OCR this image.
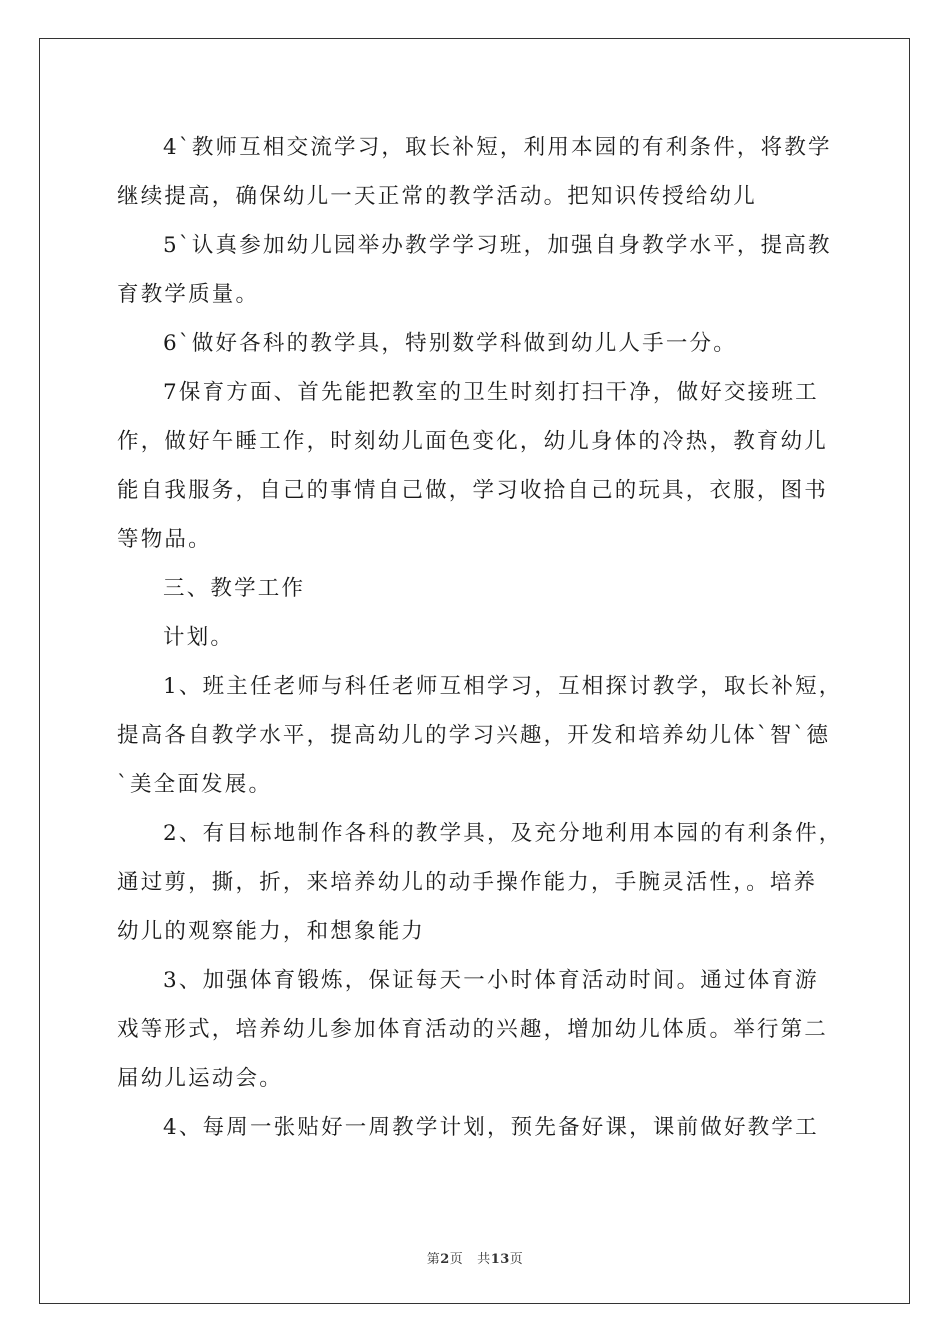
4`教师互相交流学习，取长补短，利用本园的有利条件，将教学
继续提高，确保幼儿一天正常的教学活动。把知识传授给幼儿
5`认真参加幼儿园举办教学学习班，加强自身教学水平，提高教
育教学质量。
6`做好各科的教学具，特别数学科做到幼儿人手一分。
7保育方面、首先能把教室的卫生时刻打扫干净，做好交接班工
作，做好午睡工作，时刻幼儿面色变化，幼儿身体的冷热，教育幼儿
能自我服务，自己的事情自己做，学习收拾自己的玩具，衣服，图书
等物品。
三、教学工作
计划。
1、班主任老师与科任老师互相学习，互相探讨教学，取长补短，
提高各自教学水平，提高幼儿的学习兴趣，开发和培养幼儿体`智`德
`美全面发展。
2、有目标地制作各科的教学具，及充分地利用本园的有利条件，
通过剪，撕，折，来培养幼儿的动手操作能力，手腕灵活性，。培养
幼儿的观察能力，和想象能力
3、加强体育锻炼，保证每天一小时体育活动时间。通过体育游
戏等形式，培养幼儿参加体育活动的兴趣，增加幼儿体质。举行第二
届幼儿运动会。
4、每周一张贴好一周教学计划，预先备好课，课前做好教学工
第2页 共13页
